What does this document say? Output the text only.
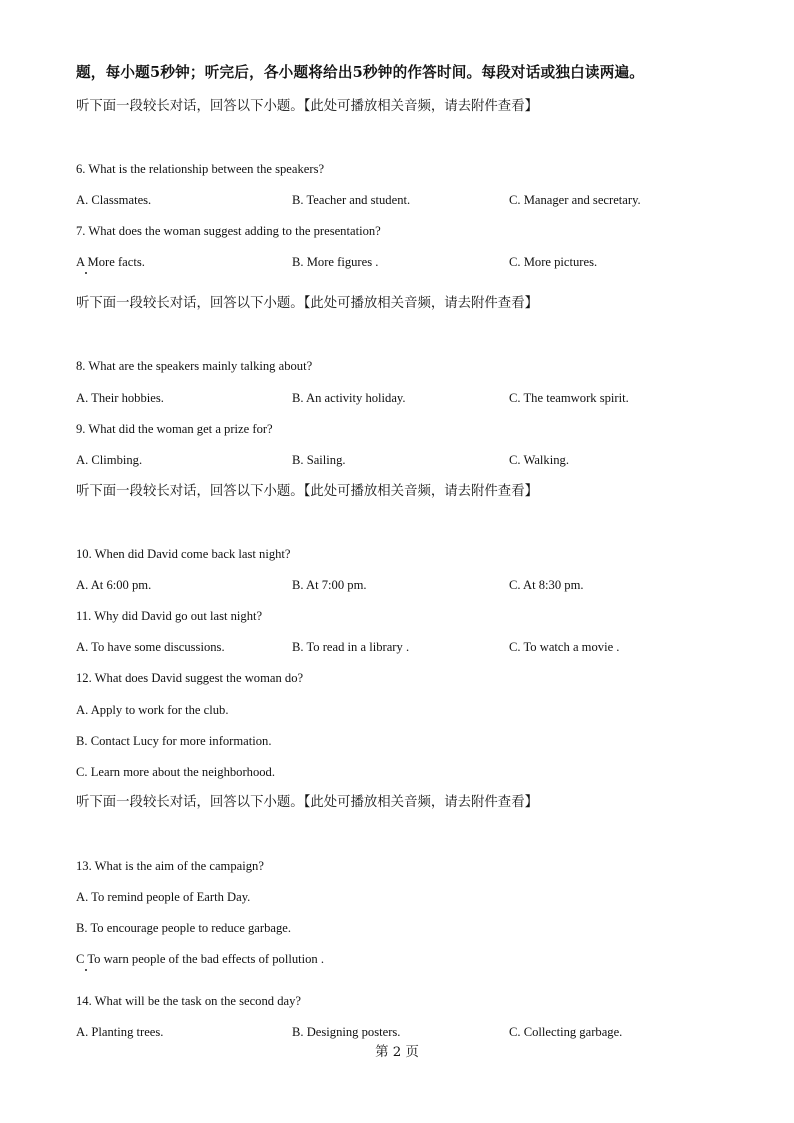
题，每小题5秒钟；听完后，各小题将给出5秒钟的作答时间。每段对话或独白读两遍。
听下面一段较长对话，回答以下小题。【此处可播放相关音频，请去附件查看】
6. What is the relationship between the speakers?
A. Classmates.	B. Teacher and student.	C. Manager and secretary.
7. What does the woman suggest adding to the presentation?
A More facts.	B. More figures .	C. More pictures.
听下面一段较长对话，回答以下小题。【此处可播放相关音频，请去附件查看】
8. What are the speakers mainly talking about?
A. Their hobbies.	B. An activity holiday.	C. The teamwork spirit.
9. What did the woman get a prize for?
A. Climbing.	B. Sailing.	C. Walking.
听下面一段较长对话，回答以下小题。【此处可播放相关音频，请去附件查看】
10. When did David come back last night?
A. At 6:00 pm.	B. At 7:00 pm.	C. At 8:30 pm.
11. Why did David go out last night?
A. To have some discussions.	B. To read in a library .	C. To watch a movie .
12. What does David suggest the woman do?
A. Apply to work for the club.
B. Contact Lucy for more information.
C. Learn more about the neighborhood.
听下面一段较长对话，回答以下小题。【此处可播放相关音频，请去附件查看】
13. What is the aim of the campaign?
A. To remind people of Earth Day.
B. To encourage people to reduce garbage.
C To warn people of the bad effects of pollution .
14. What will be the task on the second day?
A. Planting trees.	B. Designing posters.	C. Collecting garbage.
第 2 页
